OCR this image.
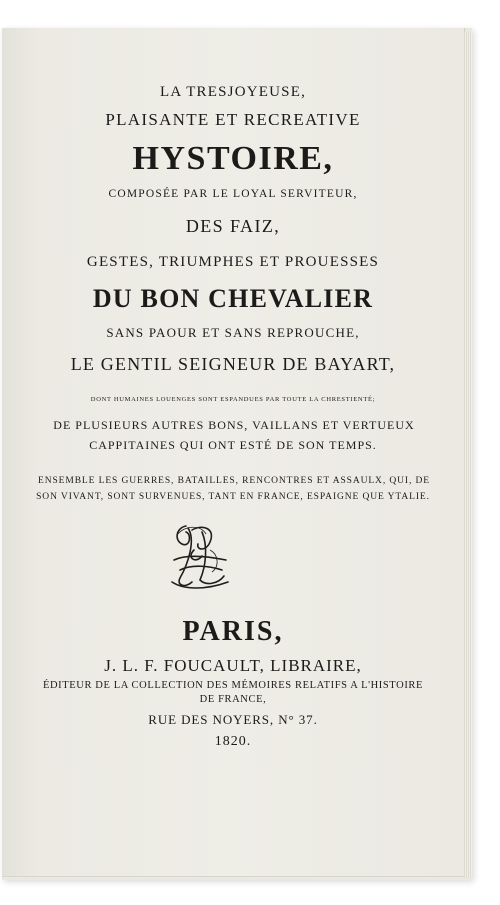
LA TRESJOYEUSE,
PLAISANTE ET RECREATIVE
HYSTOIRE,
COMPOSÉE PAR LE LOYAL SERVITEUR,
DES FAIZ,
GESTES, TRIUMPHES ET PROUESSES
DU BON CHEVALIER
SANS PAOUR ET SANS REPROUCHE,
LE GENTIL SEIGNEUR DE BAYART,
DONT HUMAINES LOUENGES SONT ESPANDUES PAR TOUTE LA CHRESTIENTÉ;
DE PLUSIEURS AUTRES BONS, VAILLANS ET VERTUEUX
CAPPITAINES QUI ONT ESTÉ DE SON TEMPS.
ENSEMBLE LES GUERRES, BATAILLES, RENCONTRES ET ASSAULX, QUI, DE
SON VIVANT, SONT SURVENUES, TANT EN FRANCE, ESPAIGNE QUE YTALIE.
PARIS,
J. L. F. FOUCAULT, LIBRAIRE,
ÉDITEUR DE LA COLLECTION DES MÉMOIRES RELATIFS A L'HISTOIRE
DE FRANCE,
RUE DES NOYERS, N° 37.
1820.
